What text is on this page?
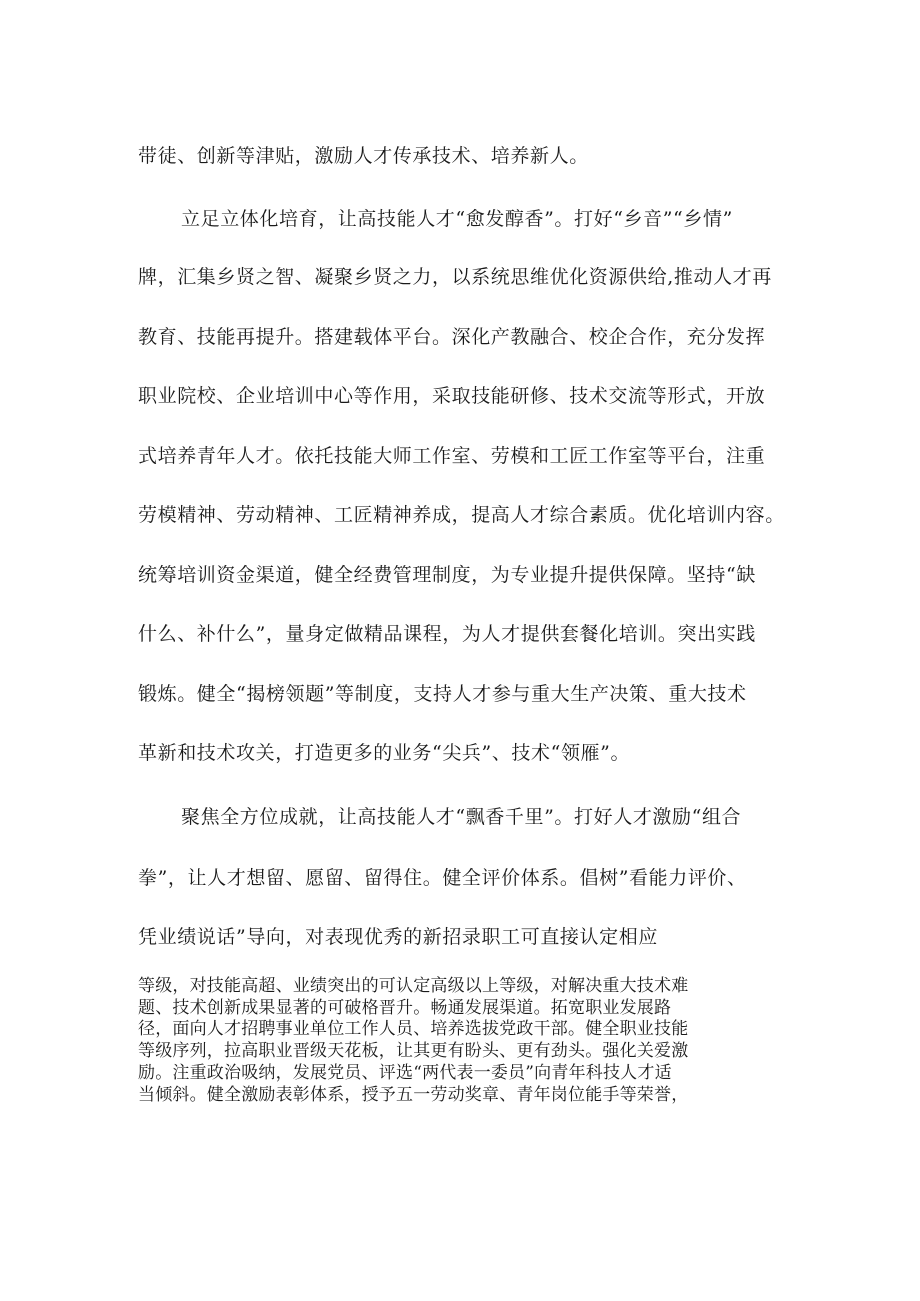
带徒、创新等津贴，激励人才传承技术、培养新人。
立足立体化培育，让高技能人才“愈发醇香”。打好“乡音”“乡情”
牌，汇集乡贤之智、凝聚乡贤之力，以系统思维优化资源供给,推动人才再
教育、技能再提升。搭建载体平台。深化产教融合、校企合作，充分发挥
职业院校、企业培训中心等作用，采取技能研修、技术交流等形式，开放
式培养青年人才。依托技能大师工作室、劳模和工匠工作室等平台，注重
劳模精神、劳动精神、工匠精神养成，提高人才综合素质。优化培训内容。
统筹培训资金渠道，健全经费管理制度，为专业提升提供保障。坚持“缺
什么、补什么”，量身定做精品课程，为人才提供套餐化培训。突出实践
锻炼。健全“揭榜领题”等制度，支持人才参与重大生产决策、重大技术
革新和技术攻关，打造更多的业务“尖兵”、技术“领雁”。
聚焦全方位成就，让高技能人才“飘香千里”。打好人才激励“组合
拳”，让人才想留、愿留、留得住。健全评价体系。倡树”看能力评价、
凭业绩说话”导向，对表现优秀的新招录职工可直接认定相应
等级，对技能高超、业绩突出的可认定高级以上等级，对解决重大技术难
题、技术创新成果显著的可破格晋升。畅通发展渠道。拓宽职业发展路
径，面向人才招聘事业单位工作人员、培养选拔党政干部。健全职业技能
等级序列，拉高职业晋级天花板，让其更有盼头、更有劲头。强化关爱激
励。注重政治吸纳，发展党员、评选“两代表一委员”向青年科技人才适
当倾斜。健全激励表彰体系，授予五一劳动奖章、青年岗位能手等荣誉，
